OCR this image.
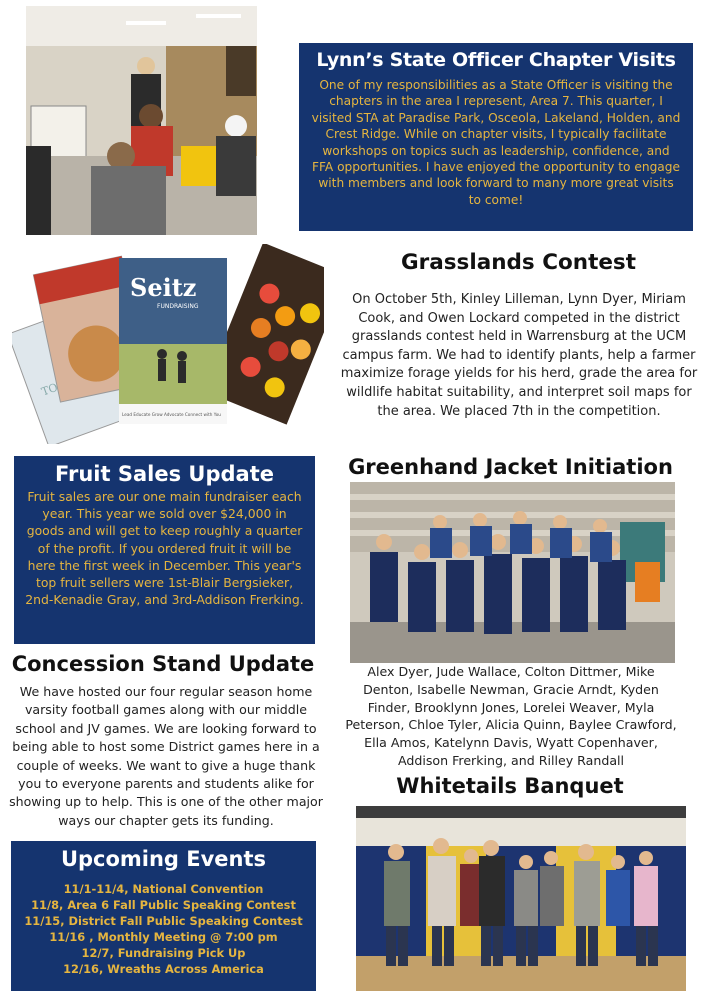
Lynn’s State Officer Chapter Visits

One of my responsibilities as a State Officer is visiting the chapters in the area I represent, Area 7. This quarter, I visited STA at Paradise Park, Osceola, Lakeland, Holden, and Crest Ridge. While on chapter visits, I typically facilitate workshops on topics such as leadership, confidence, and FFA opportunities. I have enjoyed the opportunity to engage with members and look forward to many more great visits to come!

Seitz
FUNDRAISING
Lead Educate Grow Advocate Connect with You
Grasslands Contest

On October 5th, Kinley Lilleman, Lynn Dyer, Miriam Cook, and Owen Lockard competed in the district grasslands contest held in Warrensburg at the UCM campus farm. We had to identify plants, help a farmer maximize forage yields for his herd, grade the area for wildlife habitat suitability, and interpret soil maps for the area. We placed 7th in the competition.

Fruit Sales Update

Fruit sales are our one main fundraiser each year. This year we sold over $24,000 in goods and will get to keep roughly a quarter of the profit. If you ordered fruit it will be here the first week in December. This year's top fruit sellers were 1st-Blair Bergsieker, 2nd-Kenadie Gray, and 3rd-Addison Frerking.

Greenhand Jacket Initiation

Alex Dyer, Jude Wallace, Colton Dittmer, Mike Denton, Isabelle Newman, Gracie Arndt, Kyden Finder, Brooklynn Jones, Lorelei Weaver, Myla Peterson, Chloe Tyler, Alicia Quinn, Baylee Crawford, Ella Amos, Katelynn Davis, Wyatt Copenhaver, Addison Frerking, and Rilley Randall

Concession Stand Update

We have hosted our four regular season home varsity football games along with our middle school and JV games. We are looking forward to being able to host some District games here in a couple of weeks. We want to give a huge thank you to everyone parents and students alike for showing up to help. This is one of the other major ways our chapter gets its funding.

Whitetails Banquet
Upcoming Events
11/1-11/4, National Convention
11/8, Area 6 Fall Public Speaking Contest
11/15, District Fall Public Speaking Contest
11/16 , Monthly Meeting @ 7:00 pm
12/7, Fundraising Pick Up
12/16, Wreaths Across America
